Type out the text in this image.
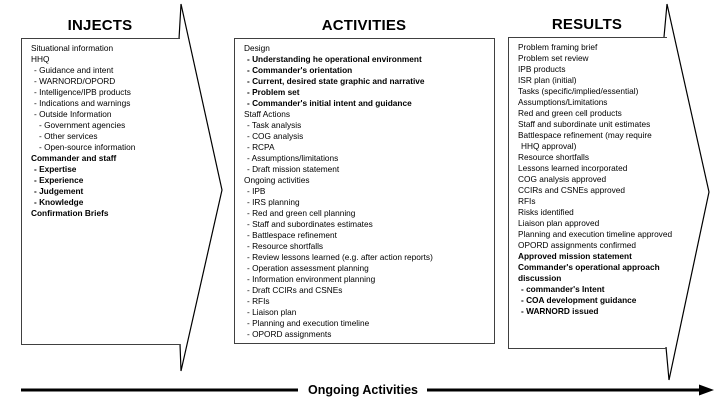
INJECTS	ACTIVITIES	RESULTS
Situational information
HHQ
- Guidance and intent
- WARNORD/OPORD
- Intelligence/IPB products
- Indications and warnings
- Outside Information
- Government agencies
- Other services
- Open-source information
Commander and staff
- Expertise
- Experience
- Judgement
- Knowledge
Confirmation Briefs
Design
- Understanding he operational environment
- Commander's orientation
- Current, desired state graphic and narrative
- Problem set
- Commander's initial intent and guidance
Staff Actions
- Task analysis
- COG analysis
- RCPA
- Assumptions/limitations
- Draft mission statement
Ongoing activities
- IPB
- IRS planning
- Red and green cell planning
- Staff and subordinates estimates
- Battlespace refinement
- Resource shortfalls
- Review lessons learned (e.g. after action reports)
- Operation assessment planning
- Information environment planning
- Draft CCIRs and CSNEs
- RFIs
- Liaison plan
- Planning and execution timeline
- OPORD assignments
Problem framing brief
Problem set review
IPB products
ISR plan (initial)
Tasks (specific/implied/essential)
Assumptions/Limitations
Red and green cell products
Staff and subordinate unit estimates
Battlespace refinement (may require
HHQ approval)
Resource shortfalls
Lessons learned incorporated
COG analysis approved
CCIRs and CSNEs approved
RFIs
Risks identified
Liaison plan approved
Planning and execution timeline approved
OPORD assignments confirmed
Approved mission statement
Commander's operational approach
discussion
- commander's Intent
- COA development guidance
- WARNORD issued
Ongoing Activities
